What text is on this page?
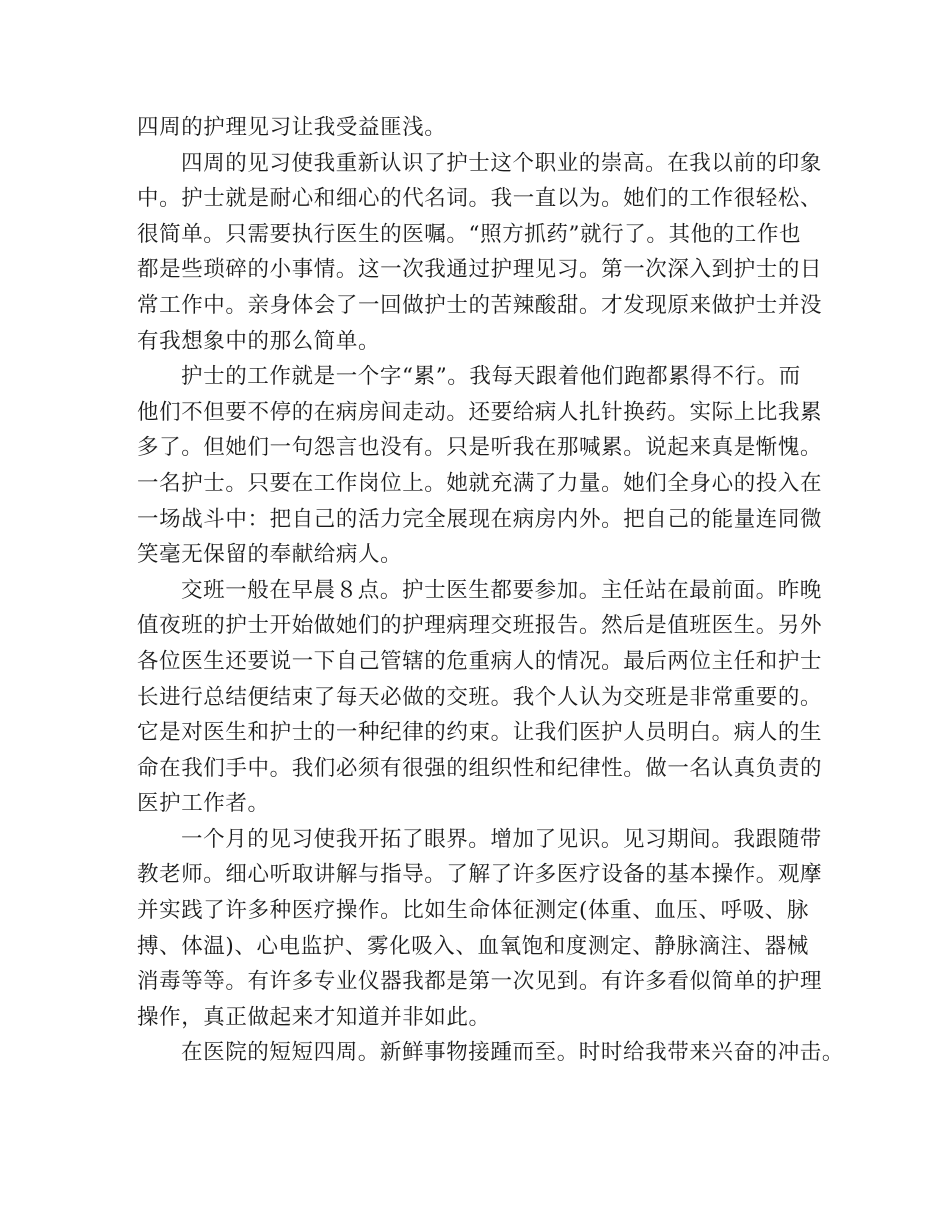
四周的护理见习让我受益匪浅。
四周的见习使我重新认识了护士这个职业的崇高。在我以前的印象
中。护士就是耐心和细心的代名词。我一直以为。她们的工作很轻松、
很简单。只需要执行医生的医嘱。“照方抓药”就行了。其他的工作也
都是些琐碎的小事情。这一次我通过护理见习。第一次深入到护士的日
常工作中。亲身体会了一回做护士的苦辣酸甜。才发现原来做护士并没
有我想象中的那么简单。
护士的工作就是一个字“累”。我每天跟着他们跑都累得不行。而
他们不但要不停的在病房间走动。还要给病人扎针换药。实际上比我累
多了。但她们一句怨言也没有。只是听我在那喊累。说起来真是惭愧。
一名护士。只要在工作岗位上。她就充满了力量。她们全身心的投入在
一场战斗中：把自己的活力完全展现在病房内外。把自己的能量连同微
笑毫无保留的奉献给病人。
交班一般在早晨８点。护士医生都要参加。主任站在最前面。昨晚
值夜班的护士开始做她们的护理病理交班报告。然后是值班医生。另外
各位医生还要说一下自己管辖的危重病人的情况。最后两位主任和护士
长进行总结便结束了每天必做的交班。我个人认为交班是非常重要的。
它是对医生和护士的一种纪律的约束。让我们医护人员明白。病人的生
命在我们手中。我们必须有很强的组织性和纪律性。做一名认真负责的
医护工作者。
一个月的见习使我开拓了眼界。增加了见识。见习期间。我跟随带
教老师。细心听取讲解与指导。了解了许多医疗设备的基本操作。观摩
并实践了许多种医疗操作。比如生命体征测定(体重、血压、呼吸、脉
搏、体温)、心电监护、雾化吸入、血氧饱和度测定、静脉滴注、器械
消毒等等。有许多专业仪器我都是第一次见到。有许多看似简单的护理
操作，真正做起来才知道并非如此。
在医院的短短四周。新鲜事物接踵而至。时时给我带来兴奋的冲击。
